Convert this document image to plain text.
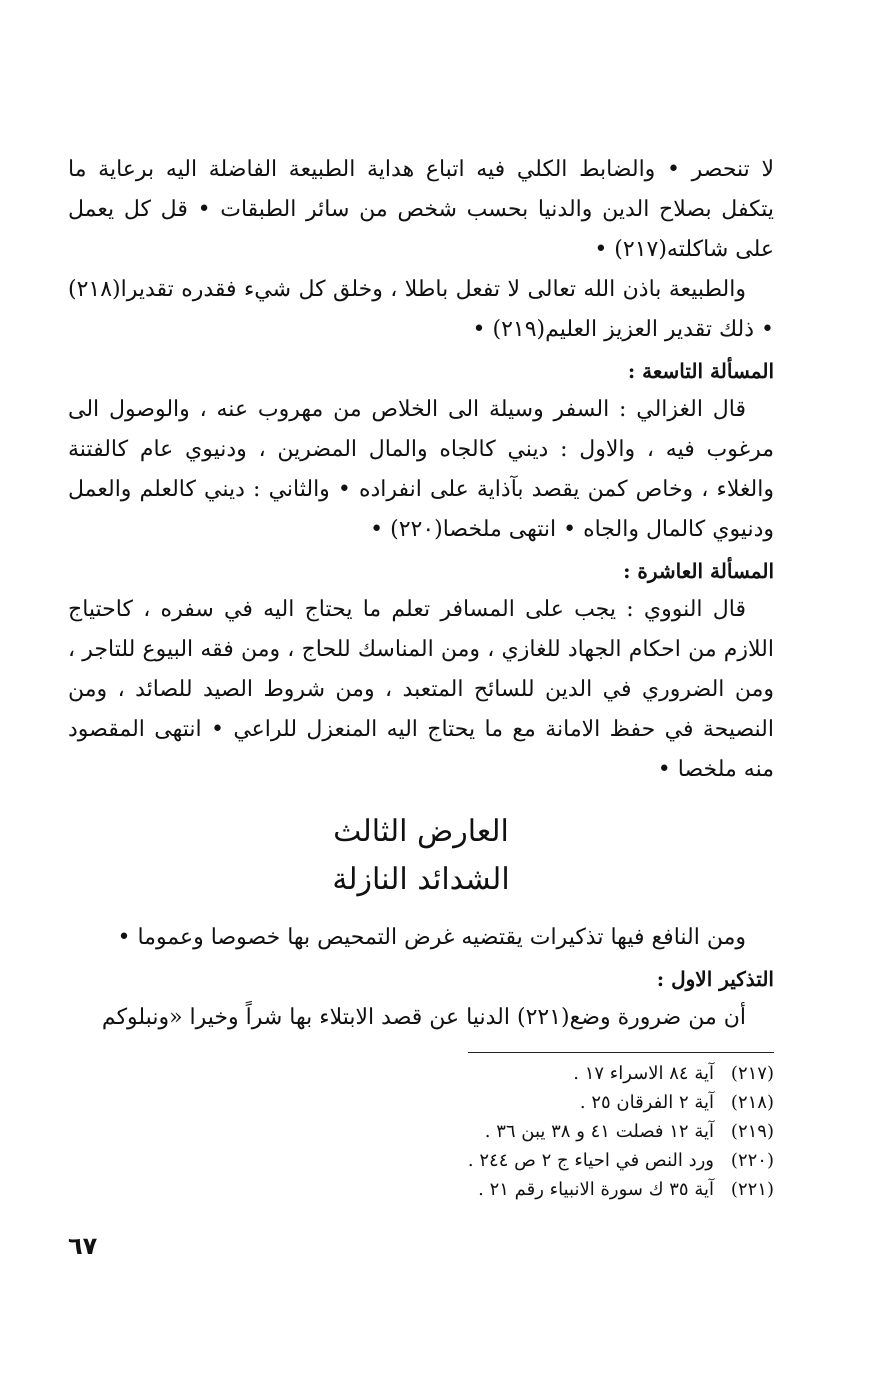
لا تنحصر • والضابط الكلي فيه اتباع هداية الطبيعة الفاضلة اليه برعاية ما يتكفل بصلاح الدين والدنيا بحسب شخص من سائر الطبقات • قل كل يعمل على شاكلته(٢١٧) •

والطبيعة باذن الله تعالى لا تفعل باطلا ، وخلق كل شيء فقدره تقديرا(٢١٨) • ذلك تقدير العزيز العليم(٢١٩) •

المسألة التاسعة :

قال الغزالي : السفر وسيلة الى الخلاص من مهروب عنه ، والوصول الى مرغوب فيه ، والاول : ديني كالجاه والمال المضرين ، ودنيوي عام كالفتنة والغلاء ، وخاص كمن يقصد بآذاية على انفراده • والثاني : ديني كالعلم والعمل ودنيوي كالمال والجاه • انتهى ملخصا(٢٢٠) •

المسألة العاشرة :

قال النووي : يجب على المسافر تعلم ما يحتاج اليه في سفره ، كاحتياج اللازم من احكام الجهاد للغازي ، ومن المناسك للحاج ، ومن فقه البيوع للتاجر ، ومن الضروري في الدين للسائح المتعبد ، ومن شروط الصيد للصائد ، ومن النصيحة في حفظ الامانة مع ما يحتاج اليه المنعزل للراعي • انتهى المقصود منه ملخصا •

العارض الثالث
الشدائد النازلة

ومن النافع فيها تذكيرات يقتضيه غرض التمحيص بها خصوصا وعموما •

التذكير الاول :

أن من ضرورة وضع(٢٢١) الدنيا عن قصد الابتلاء بها شراً وخيرا «ونبلوكم

(٢١٧)
آية ٨٤ الاسراء ١٧ .
(٢١٨)
آية ٢ الفرقان ٢٥ .
(٢١٩)
آية ١٢ فصلت ٤١ و ٣٨ يبن ٣٦ .
(٢٢٠)
ورد النص في احياء ج ٢ ص ٢٤٤ .
(٢٢١)
آية ٣٥ ك سورة الانبياء رقم ٢١ .
٦٧
